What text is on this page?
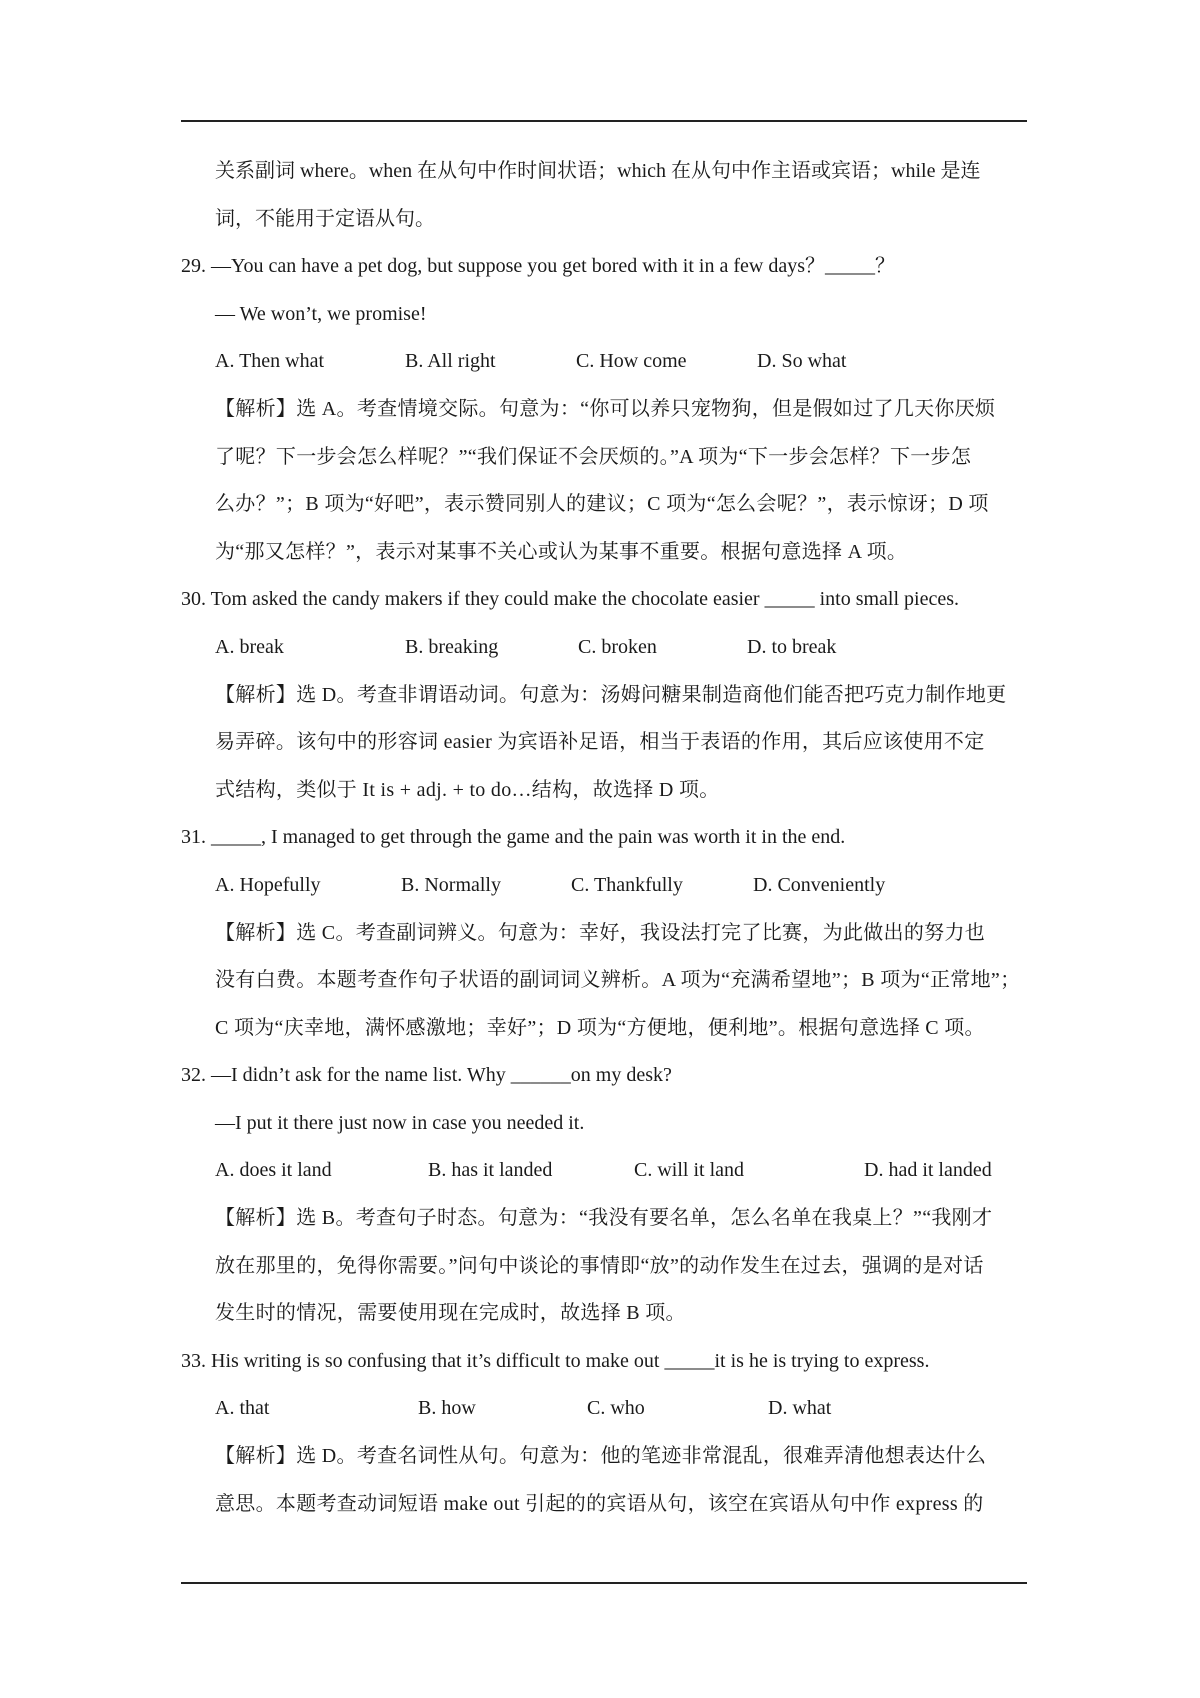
关系副词 where。when 在从句中作时间状语；which 在从句中作主语或宾语；while 是连
词，不能用于定语从句。
29. —You can have a pet dog, but suppose you get bored with it in a few days？_____？
— We won’t, we promise!
A. Then what	B. All right	C. How come	D. So what
【解析】选 A。考查情境交际。句意为：“你可以养只宠物狗，但是假如过了几天你厌烦
了呢？下一步会怎么样呢？”“我们保证不会厌烦的。”A 项为“下一步会怎样？下一步怎
么办？”；B 项为“好吧”，表示赞同别人的建议；C 项为“怎么会呢？”，表示惊讶；D 项
为“那又怎样？”，表示对某事不关心或认为某事不重要。根据句意选择 A 项。
30. Tom asked the candy makers if they could make the chocolate easier _____ into small pieces.
A. break	B. breaking	C. broken	D. to break
【解析】选 D。考查非谓语动词。句意为：汤姆问糖果制造商他们能否把巧克力制作地更
易弄碎。该句中的形容词 easier 为宾语补足语，相当于表语的作用，其后应该使用不定
式结构，类似于 It is + adj. + to do…结构，故选择 D 项。
31. _____, I managed to get through the game and the pain was worth it in the end.
A. Hopefully	B. Normally	C. Thankfully	D. Conveniently
【解析】选 C。考查副词辨义。句意为：幸好，我设法打完了比赛，为此做出的努力也
没有白费。本题考查作句子状语的副词词义辨析。A 项为“充满希望地”；B 项为“正常地”；
C 项为“庆幸地，满怀感激地；幸好”；D 项为“方便地，便利地”。根据句意选择 C 项。
32. —I didn’t ask for the name list. Why ______on my desk?
—I put it there just now in case you needed it.
A. does it land	B. has it landed	C. will it land	D. had it landed
【解析】选 B。考查句子时态。句意为：“我没有要名单，怎么名单在我桌上？”“我刚才
放在那里的，免得你需要。”问句中谈论的事情即“放”的动作发生在过去，强调的是对话
发生时的情况，需要使用现在完成时，故选择 B 项。
33. His writing is so confusing that it’s difficult to make out _____it is he is trying to express.
A. that	B. how	C. who	D. what
【解析】选 D。考查名词性从句。句意为：他的笔迹非常混乱，很难弄清他想表达什么
意思。本题考查动词短语 make out 引起的的宾语从句，该空在宾语从句中作 express 的
